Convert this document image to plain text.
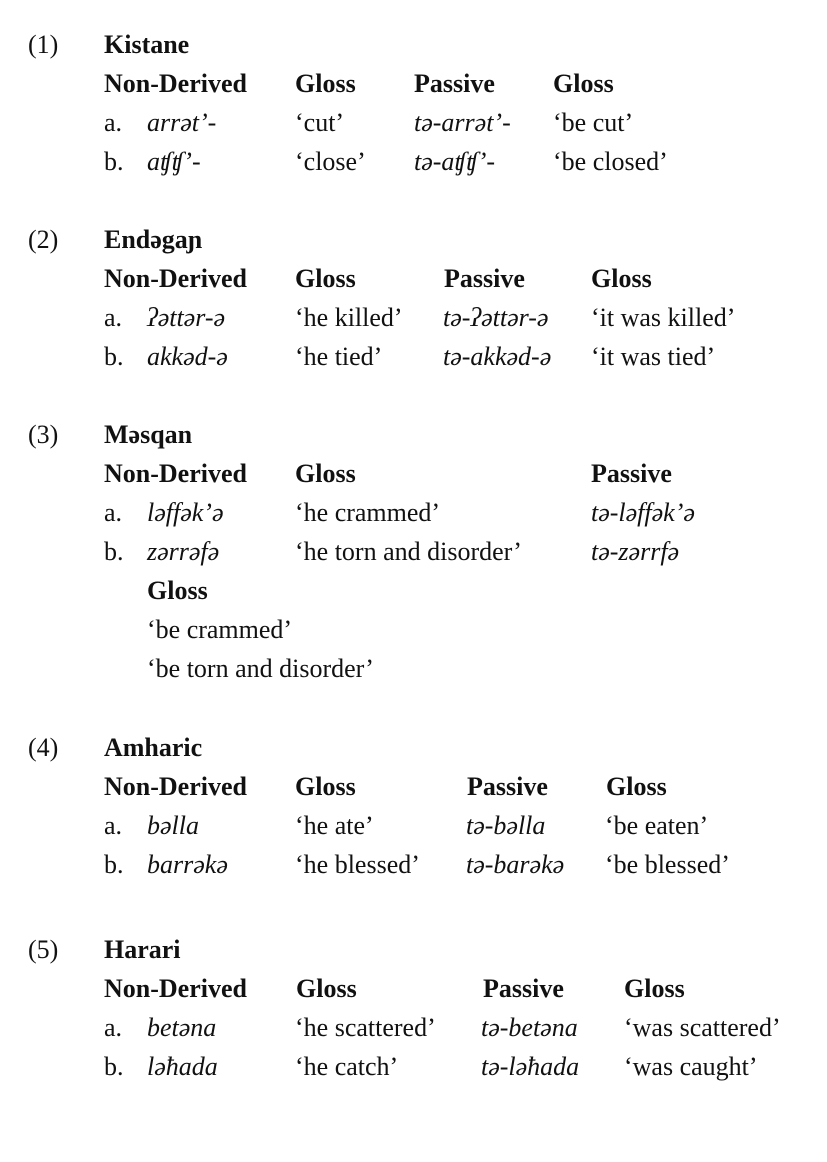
(1) Kistane
Non-Derived Gloss Passive Gloss
a. arrət’-	‘cut’	tə-arrət’- ‘be cut’
b. aʧʧ’-	‘close’ tə-aʧʧ’- ‘be closed’
(2) Endəgaɲ
Non-Derived Gloss	Passive	Gloss
a. ʔəttər-ə	‘he killed’ tə-ʔəttər-ə ‘it was killed’
b. akkəd-ə	‘he tied’ tə-akkəd-ə ‘it was tied’
(3) Məsqan
Non-Derived Gloss	Passive
a. ləffək’ə	‘he crammed’	tə-ləffək’ə
b. zərrəfə	‘he torn and disorder’	tə-zərrfə
Gloss
‘be crammed’
‘be torn and disorder’
(4) Amharic
Non-Derived Gloss	Passive Gloss
a. bəlla	‘he ate’	tə-bəlla ‘be eaten’
b. barrəkə	‘he blessed’ tə-barəkə ‘be blessed’
(5) Harari
Non-Derived Gloss	Passive Gloss
a. betəna	‘he scattered’ tə-betəna ‘was scattered’
b. ləħada	‘he catch’	tə-ləħada ‘was caught’
